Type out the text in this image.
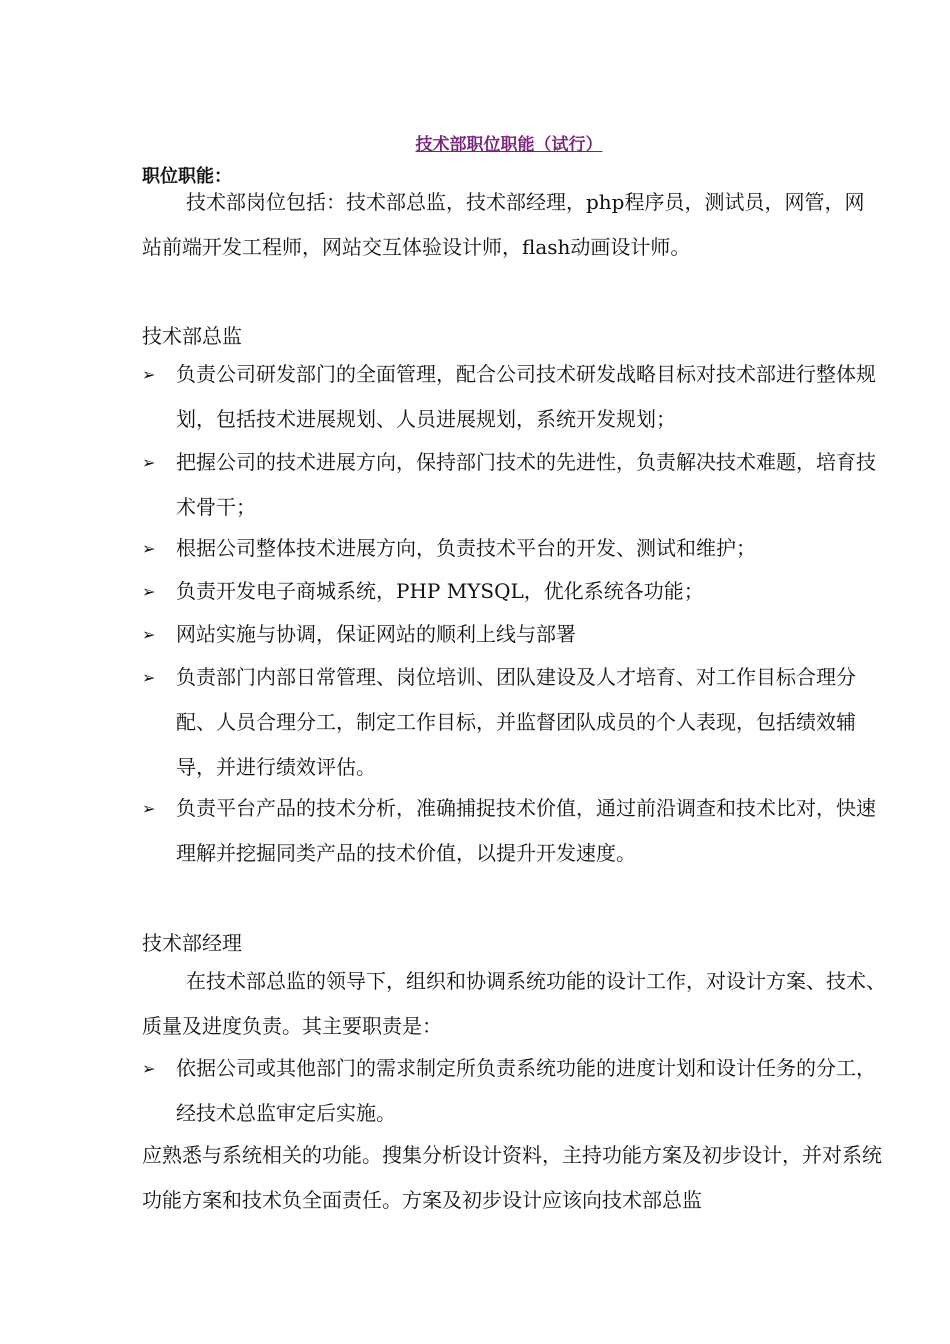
技术部职位职能（试行）
职位职能：
技术部岗位包括：技术部总监，技术部经理，php程序员，测试员，网管，网站前端开发工程师，网站交互体验设计师，flash动画设计师。
技术部总监
➢	负责公司研发部门的全面管理，配合公司技术研发战略目标对技术部进行整体规划，包括技术进展规划、人员进展规划，系统开发规划；
➢	把握公司的技术进展方向，保持部门技术的先进性，负责解决技术难题，培育技术骨干；
➢	根据公司整体技术进展方向，负责技术平台的开发、测试和维护；
➢	负责开发电子商城系统，PHP MYSQL，优化系统各功能；
➢	网站实施与协调，保证网站的顺利上线与部署
➢	负责部门内部日常管理、岗位培训、团队建设及人才培育、对工作目标合理分配、人员合理分工，制定工作目标，并监督团队成员的个人表现，包括绩效辅导，并进行绩效评估。
➢	负责平台产品的技术分析，准确捕捉技术价值，通过前沿调查和技术比对，快速理解并挖掘同类产品的技术价值，以提升开发速度。
技术部经理
在技术部总监的领导下，组织和协调系统功能的设计工作，对设计方案、技术、质量及进度负责。其主要职责是：
➢	依据公司或其他部门的需求制定所负责系统功能的进度计划和设计任务的分工，经技术总监审定后实施。
应熟悉与系统相关的功能。搜集分析设计资料，主持功能方案及初步设计，并对系统功能方案和技术负全面责任。方案及初步设计应该向技术部总监
